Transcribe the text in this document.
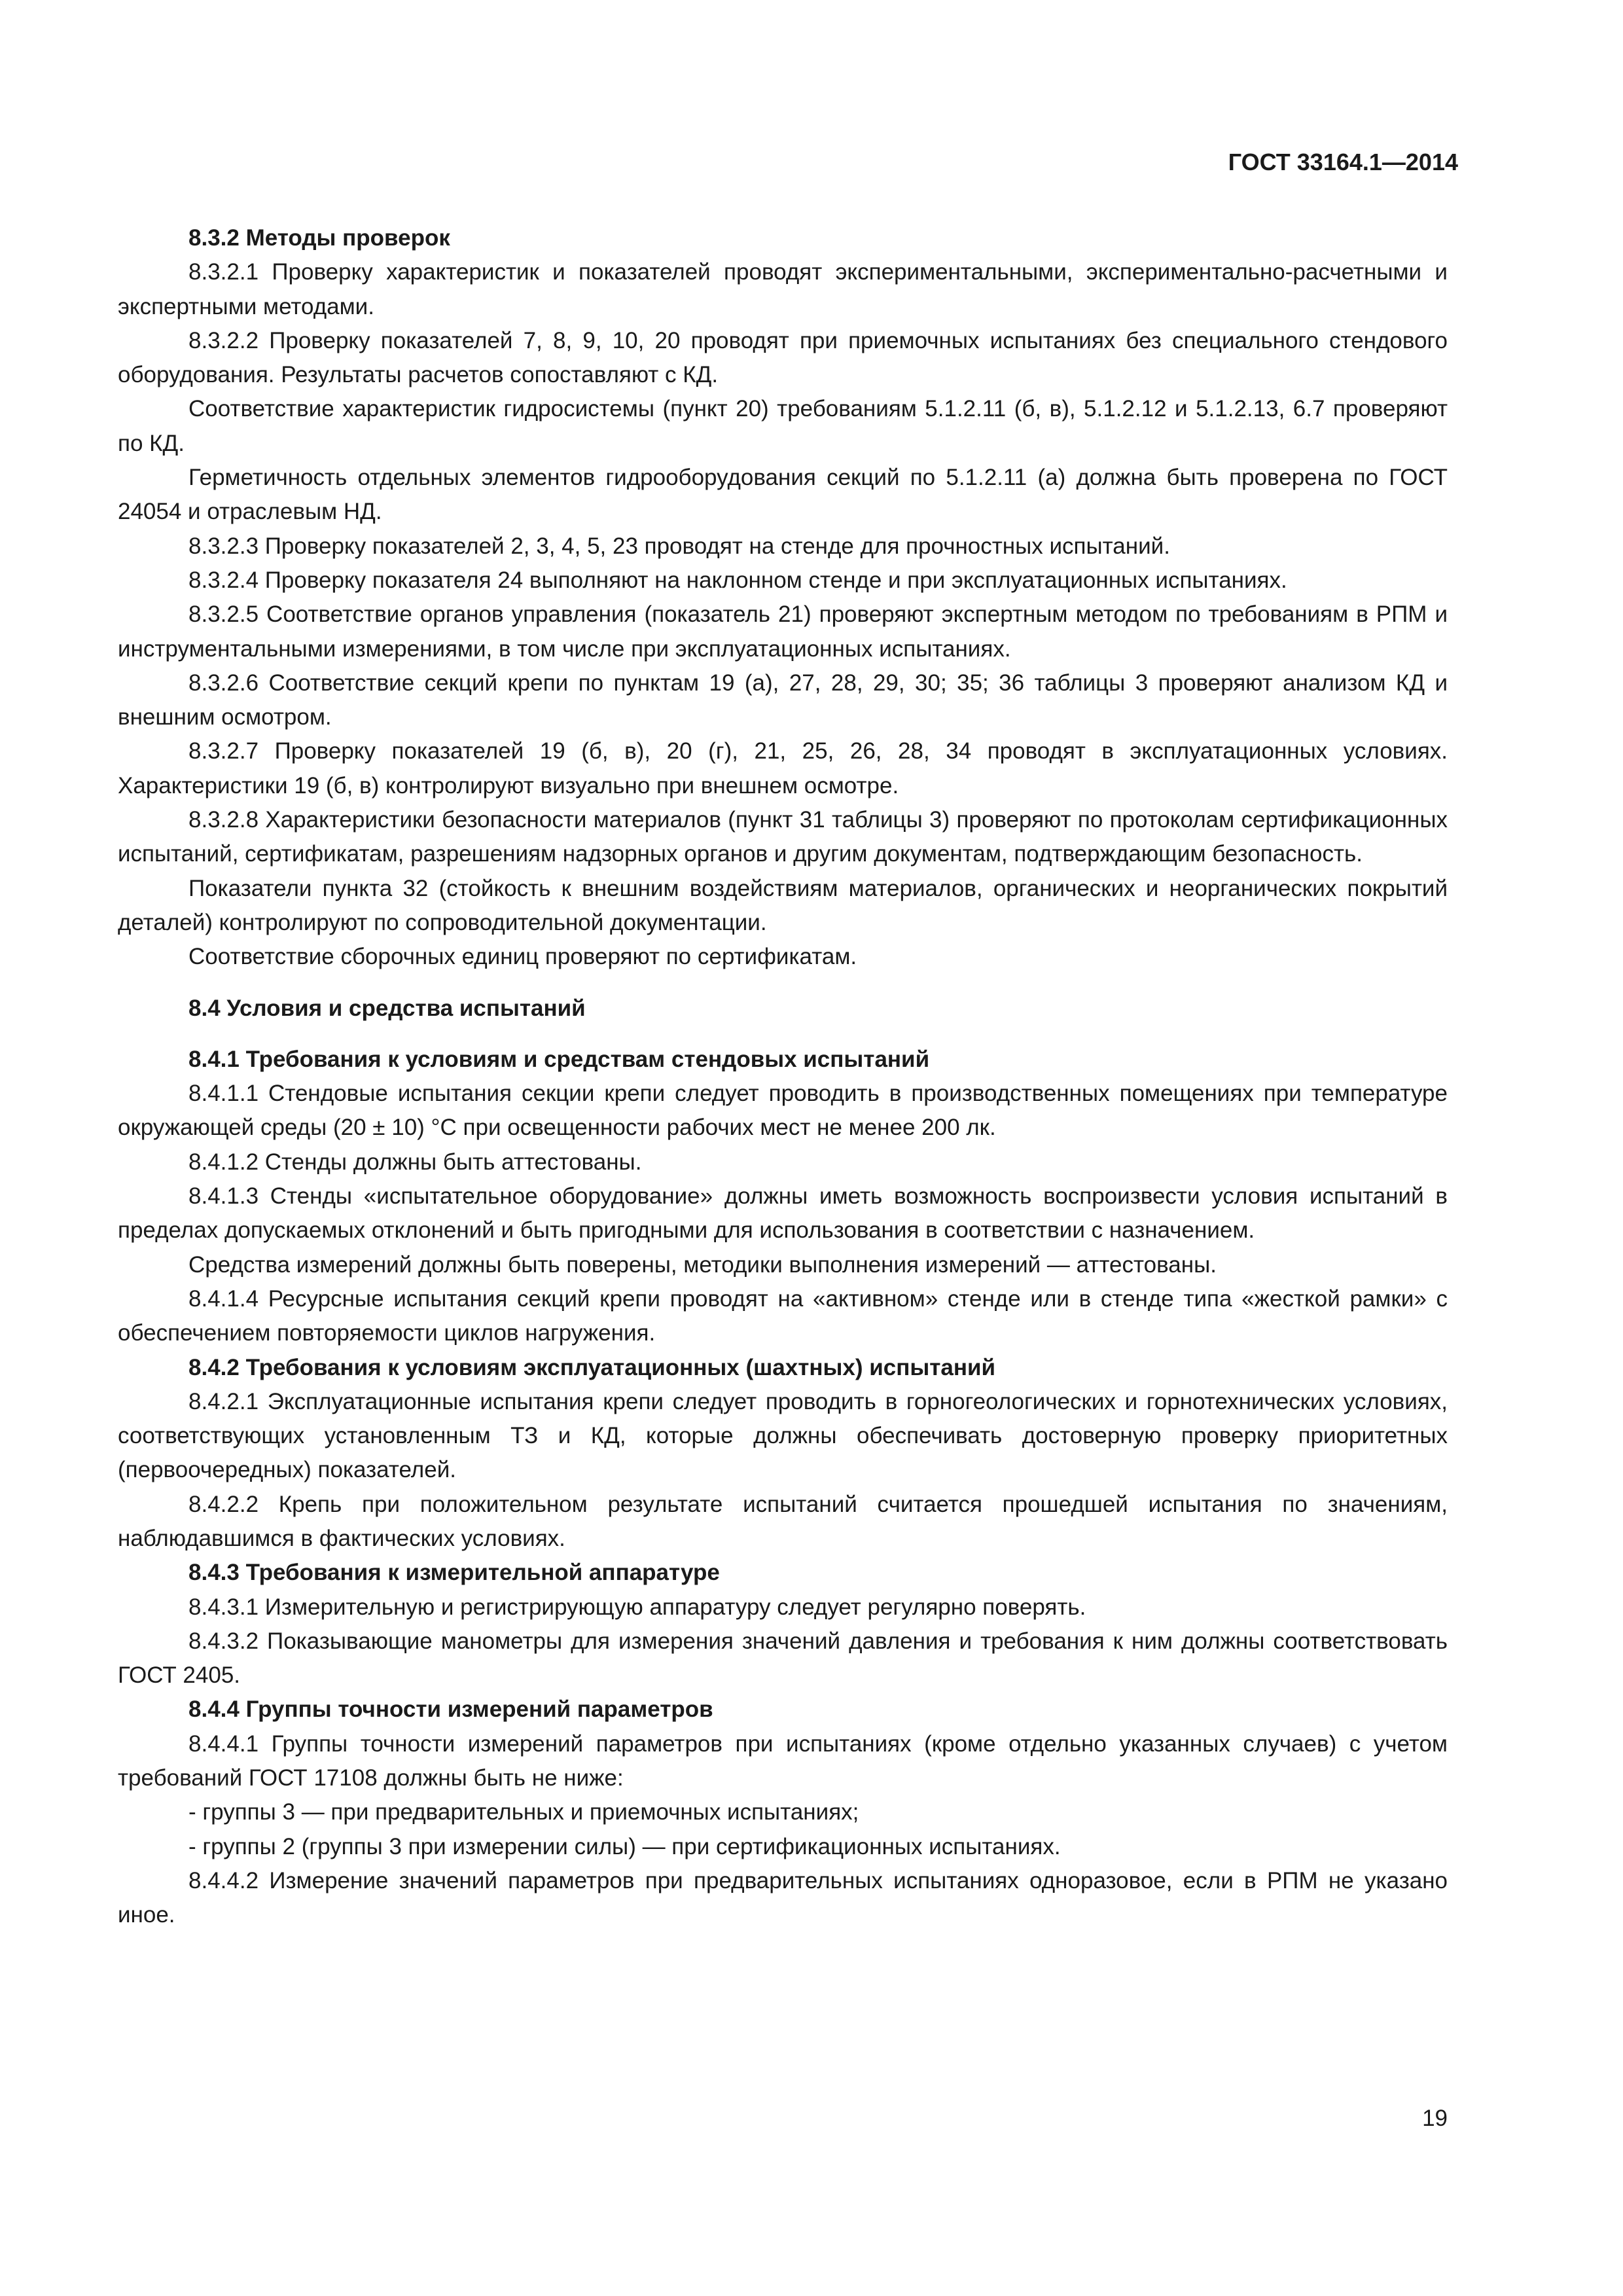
ГОСТ 33164.1—2014

8.3.2 Методы проверок

8.3.2.1 Проверку характеристик и показателей проводят экспериментальными, экспериментально-расчетными и экспертными методами.

8.3.2.2 Проверку показателей 7, 8, 9, 10, 20 проводят при приемочных испытаниях без специального стендового оборудования. Результаты расчетов сопоставляют с КД.

Соответствие характеристик гидросистемы (пункт 20) требованиям 5.1.2.11 (б, в), 5.1.2.12 и 5.1.2.13, 6.7 проверяют по КД.

Герметичность отдельных элементов гидрооборудования секций по 5.1.2.11 (а) должна быть проверена по ГОСТ 24054 и отраслевым НД.

8.3.2.3 Проверку показателей 2, 3, 4, 5, 23 проводят на стенде для прочностных испытаний.

8.3.2.4 Проверку показателя 24 выполняют на наклонном стенде и при эксплуатационных испытаниях.

8.3.2.5 Соответствие органов управления (показатель 21) проверяют экспертным методом по требованиям в РПМ и инструментальными измерениями, в том числе при эксплуатационных испытаниях.

8.3.2.6 Соответствие секций крепи по пунктам 19 (а), 27, 28, 29, 30; 35; 36 таблицы 3 проверяют анализом КД и внешним осмотром.

8.3.2.7 Проверку показателей 19 (б, в), 20 (г), 21, 25, 26, 28, 34 проводят в эксплуатационных условиях. Характеристики 19 (б, в) контролируют визуально при внешнем осмотре.

8.3.2.8 Характеристики безопасности материалов (пункт 31 таблицы 3) проверяют по протоколам сертификационных испытаний, сертификатам, разрешениям надзорных органов и другим документам, подтверждающим безопасность.

Показатели пункта 32 (стойкость к внешним воздействиям материалов, органических и неорганических покрытий деталей) контролируют по сопроводительной документации.

Соответствие сборочных единиц проверяют по сертификатам.

8.4 Условия и средства испытаний

8.4.1 Требования к условиям и средствам стендовых испытаний

8.4.1.1 Стендовые испытания секции крепи следует проводить в производственных помещениях при температуре окружающей среды (20 ± 10) °С при освещенности рабочих мест не менее 200 лк.

8.4.1.2 Стенды должны быть аттестованы.

8.4.1.3 Стенды «испытательное оборудование» должны иметь возможность воспроизвести условия испытаний в пределах допускаемых отклонений и быть пригодными для использования в соответствии с назначением.

Средства измерений должны быть поверены, методики выполнения измерений — аттестованы.

8.4.1.4 Ресурсные испытания секций крепи проводят на «активном» стенде или в стенде типа «жесткой рамки» с обеспечением повторяемости циклов нагружения.

8.4.2 Требования к условиям эксплуатационных (шахтных) испытаний

8.4.2.1 Эксплуатационные испытания крепи следует проводить в горногеологических и горнотехнических условиях, соответствующих установленным ТЗ и КД, которые должны обеспечивать достоверную проверку приоритетных (первоочередных) показателей.

8.4.2.2 Крепь при положительном результате испытаний считается прошедшей испытания по значениям, наблюдавшимся в фактических условиях.

8.4.3 Требования к измерительной аппаратуре

8.4.3.1 Измерительную и регистрирующую аппаратуру следует регулярно поверять.

8.4.3.2 Показывающие манометры для измерения значений давления и требования к ним должны соответствовать ГОСТ 2405.

8.4.4 Группы точности измерений параметров

8.4.4.1 Группы точности измерений параметров при испытаниях (кроме отдельно указанных случаев) с учетом требований ГОСТ 17108 должны быть не ниже:

- группы 3 — при предварительных и приемочных испытаниях;

- группы 2 (группы 3 при измерении силы) — при сертификационных испытаниях.

8.4.4.2 Измерение значений параметров при предварительных испытаниях одноразовое, если в РПМ не указано иное.

19
